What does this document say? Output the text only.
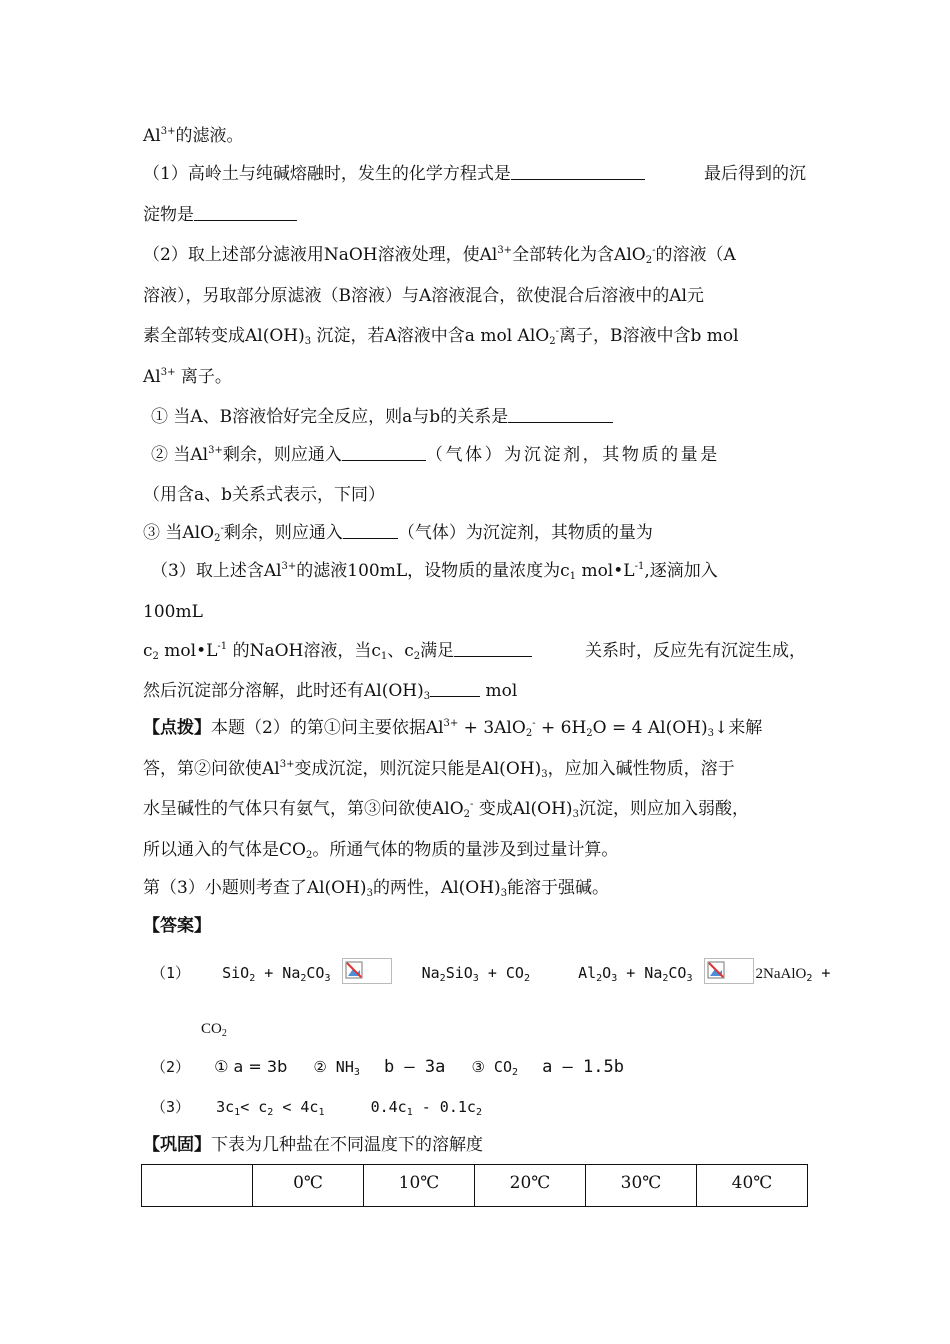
$Al^{3+}$的滤液。
（1）高岭土与纯碱熔融时，发生的化学方程式是	最后得到的沉
淀物是
（2）取上述部分滤液用NaOH溶液处理，使Al $^{3+}$全部转化为含AlO$_2$-的溶液（A
溶液），另取部分原滤液（B溶液）与A溶液混合，欲使混合后溶液中的Al元
素全部转变成$Al(OH)_3$ 沉淀，若A溶液中含a mol AlO$_2$-离子，B溶液中含b mol
$Al^{3+}$ 离子。
① 当A、B溶液恰好完全反应，则a与b的关系是
② 当$Al^{3+}$剩余，则应通入	（气体）为沉淀剂，其物质的量是
（用含a、b关系式表示，下同）
③ 当AlO$_2$-剩余，则应通入	（气体）为沉淀剂，其物质的量为
（3）取上述含$Al^{3+}$的滤液100mL，设物质的量浓度为$c_1$ $mol•L^{-1}$,逐滴加入
100mL
$c_2$ $mol•L^{-1}$ 的NaOH溶液，当$c_1$、$c_2$满足	关系时，反应先有沉淀生成，
然后沉淀部分溶解，此时还有$Al(OH)_3$	mol
【点拨】本题（2）的第①问主要依据$Al^{3+} + 3AlO_2^- + 6H_2O = 4$ $Al(OH)_3↓$来解
答，第②问欲使$Al^{3+}$变成沉淀，则沉淀只能是$Al(OH)_3$，应加入碱性物质，溶于
水呈碱性的气体只有氨气，第③问欲使AlO$_2$- 变成$Al(OH)_3$沉淀，则应加入弱酸，
所以通入的气体是$CO_2$。所通气体的物质的量涉及到过量计算。
第（3）小题则考查了$Al(OH)_3$的两性，$Al(OH)_3$能溶于强碱。
【答案】
（1） $SiO_2 + Na_2CO_3$	$Na_2SiO_3 + CO_2$	$Al_2O_3 + Na_2CO_3$	2NaAlO$_2$ +
$CO_2$
（2） ① a = 3b ② $NH_3$ b – 3a ③ $CO_2$ a – 1.5b
（3） $3c_1< c_2 < 4c_1$	$0.4c_1 - 0.1c_2$
【巩固】下表为几种盐在不同温度下的溶解度
	0℃	10℃	20℃	30℃	40℃
